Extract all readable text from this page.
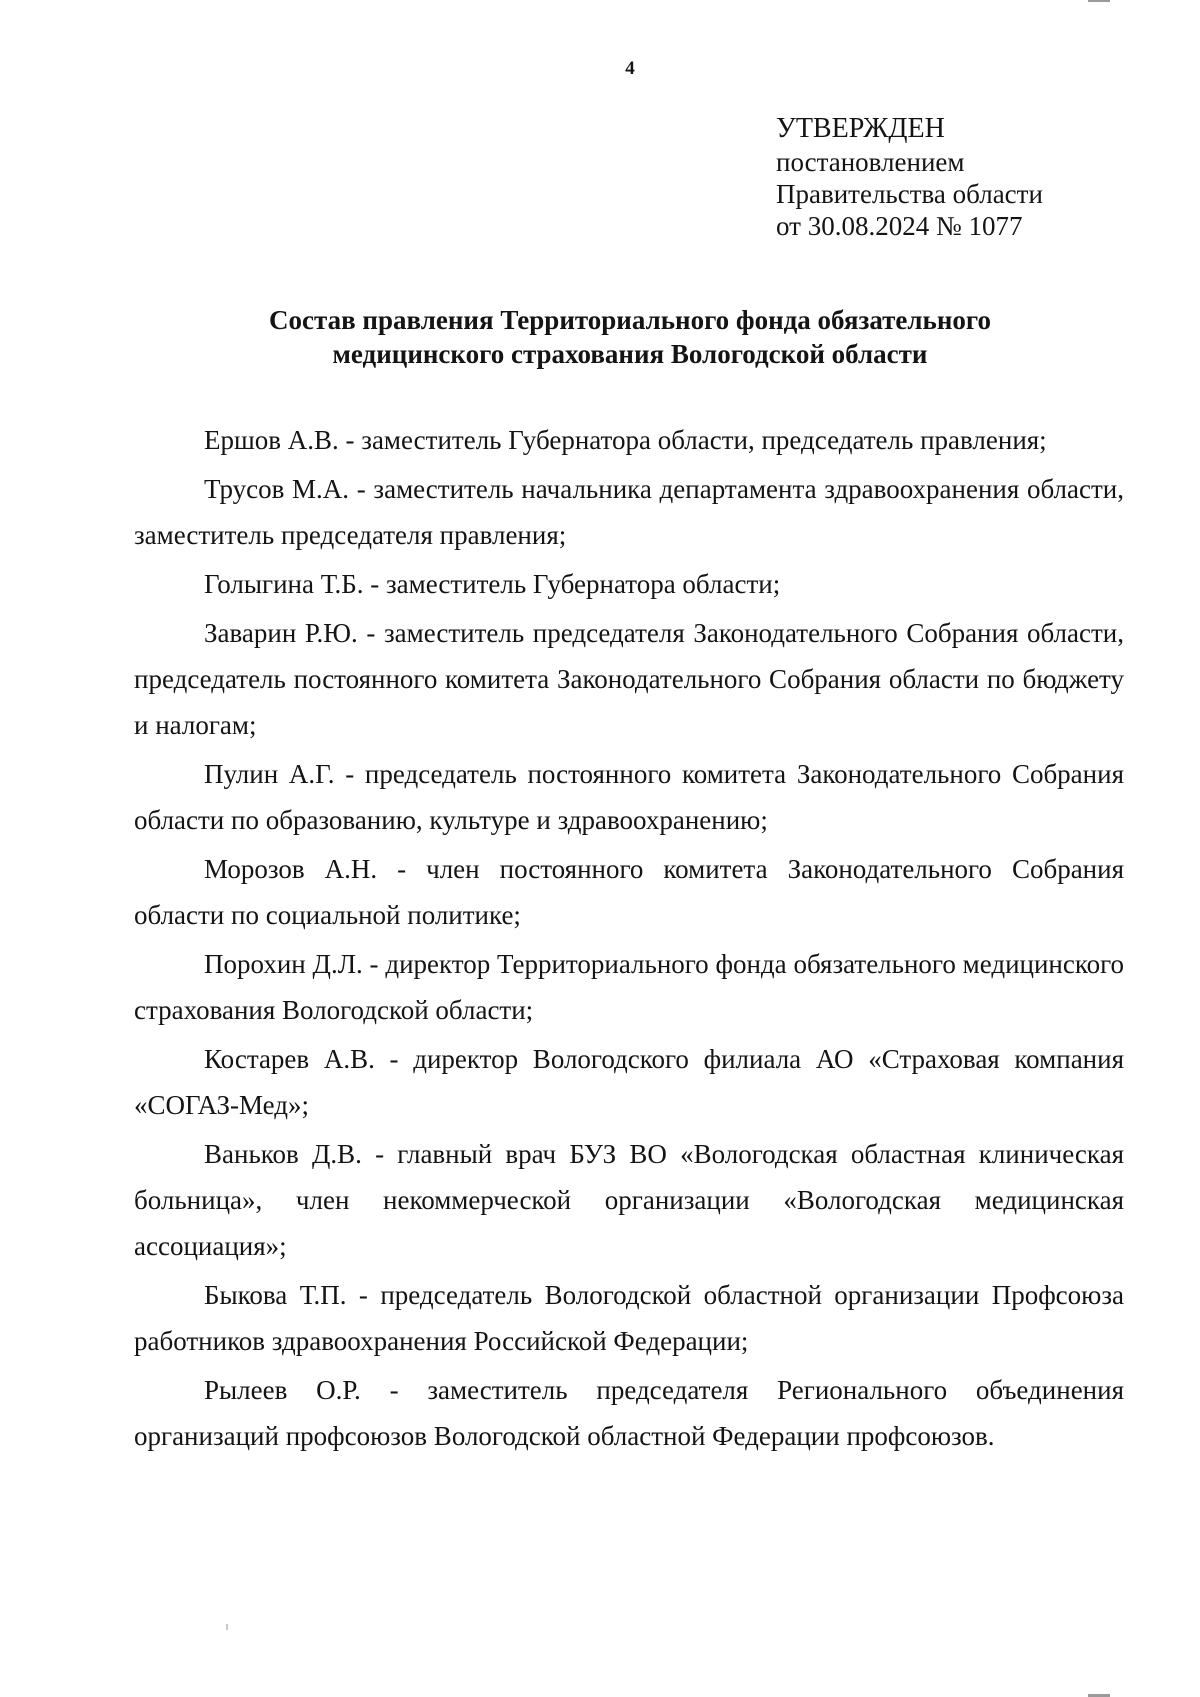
4
УТВЕРЖДЕН
постановлением
Правительства области
от 30.08.2024 № 1077
Состав правления Территориального фонда обязательного
медицинского страхования Вологодской области
Ершов А.В. - заместитель Губернатора области, председатель правления;
Трусов М.А. - заместитель начальника департамента здравоохранения области, заместитель председателя правления;
Голыгина Т.Б. - заместитель Губернатора области;
Заварин Р.Ю. - заместитель председателя Законодательного Собрания области, председатель постоянного комитета Законодательного Собрания области по бюджету и налогам;
Пулин А.Г. - председатель постоянного комитета Законодательного Собрания области по образованию, культуре и здравоохранению;
Морозов А.Н. - член постоянного комитета Законодательного Собрания области по социальной политике;
Порохин Д.Л. - директор Территориального фонда обязательного медицинского страхования Вологодской области;
Костарев А.В. - директор Вологодского филиала АО «Страховая компания «СОГАЗ-Мед»;
Ваньков Д.В. - главный врач БУЗ ВО «Вологодская областная клиническая больница», член некоммерческой организации «Вологодская медицинская ассоциация»;
Быкова Т.П. - председатель Вологодской областной организации Профсоюза работников здравоохранения Российской Федерации;
Рылеев О.Р. - заместитель председателя Регионального объединения организаций профсоюзов Вологодской областной Федерации профсоюзов.
